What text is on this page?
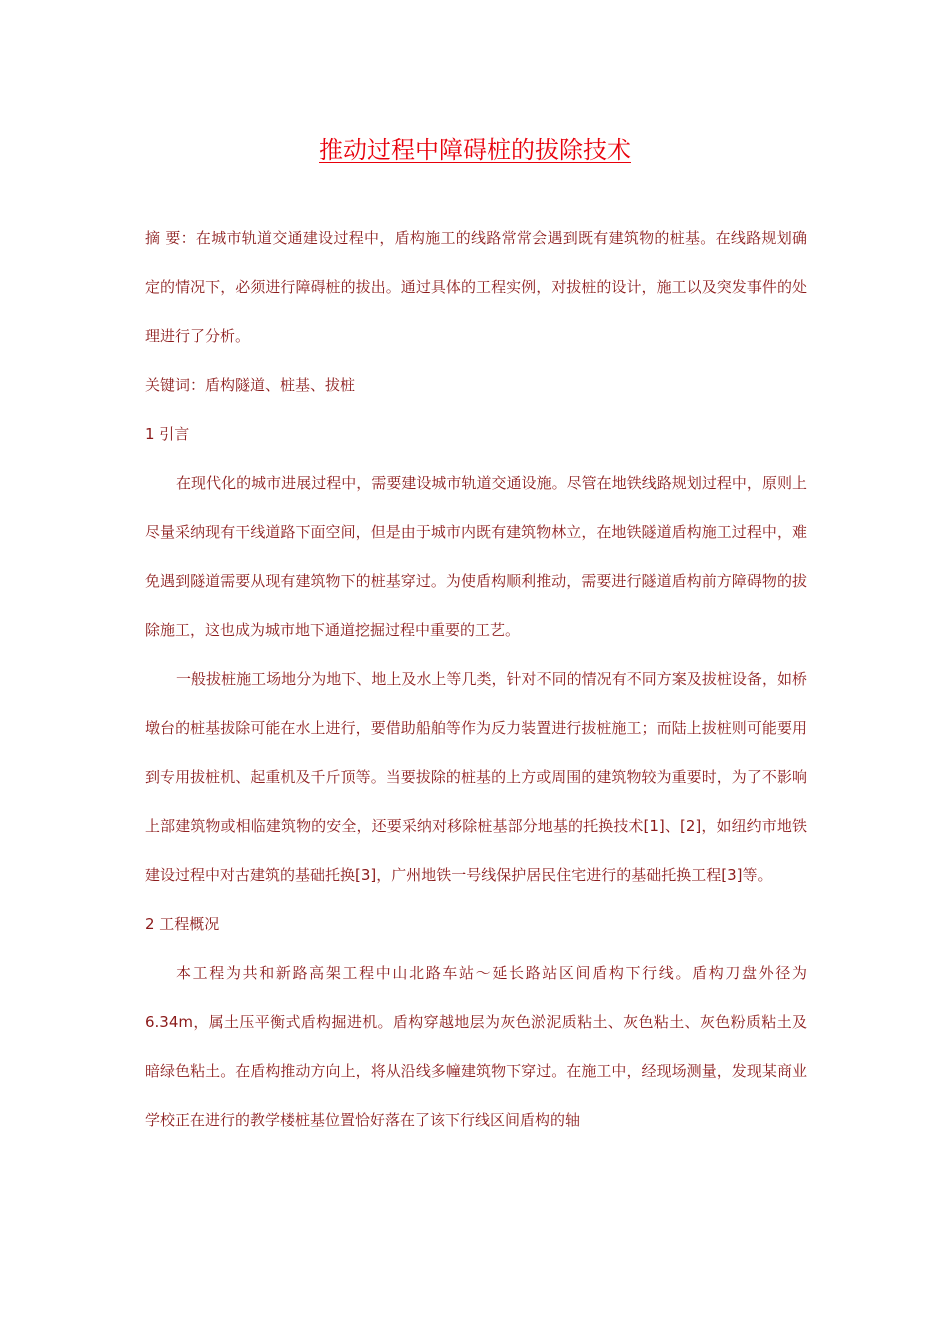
推动过程中障碍桩的拔除技术

摘 要：在城市轨道交通建设过程中，盾构施工的线路常常会遇到既有建筑物的桩基。在线路规划确定的情况下，必须进行障碍桩的拔出。通过具体的工程实例，对拔桩的设计，施工以及突发事件的处理进行了分析。

关键词：盾构隧道、桩基、拔桩

1 引言

在现代化的城市进展过程中，需要建设城市轨道交通设施。尽管在地铁线路规划过程中，原则上尽量采纳现有干线道路下面空间，但是由于城市内既有建筑物林立，在地铁隧道盾构施工过程中，难免遇到隧道需要从现有建筑物下的桩基穿过。为使盾构顺利推动，需要进行隧道盾构前方障碍物的拔除施工，这也成为城市地下通道挖掘过程中重要的工艺。

一般拔桩施工场地分为地下、地上及水上等几类，针对不同的情况有不同方案及拔桩设备，如桥墩台的桩基拔除可能在水上进行，要借助船舶等作为反力装置进行拔桩施工；而陆上拔桩则可能要用到专用拔桩机、起重机及千斤顶等。当要拔除的桩基的上方或周围的建筑物较为重要时，为了不影响上部建筑物或相临建筑物的安全，还要采纳对移除桩基部分地基的托换技术[1]、[2]，如纽约市地铁建设过程中对古建筑的基础托换[3]，广州地铁一号线保护居民住宅进行的基础托换工程[3]等。

2 工程概况

本工程为共和新路高架工程中山北路车站～延长路站区间盾构下行线。盾构刀盘外径为6.34m，属土压平衡式盾构掘进机。盾构穿越地层为灰色淤泥质粘土、灰色粘土、灰色粉质粘土及暗绿色粘土。在盾构推动方向上，将从沿线多幢建筑物下穿过。在施工中，经现场测量，发现某商业学校正在进行的教学楼桩基位置恰好落在了该下行线区间盾构的轴
